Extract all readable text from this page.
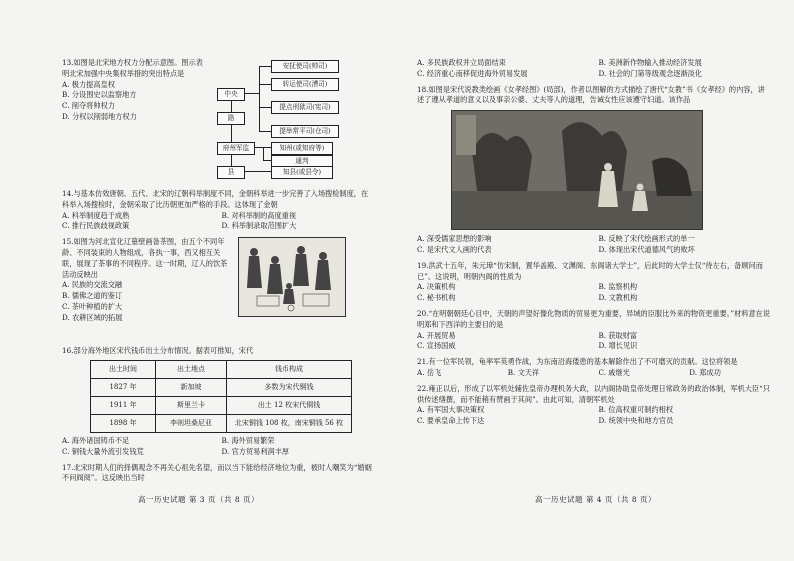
13.如图是北宋地方权力分配示意图。图示表明北宋加强中央集权举措的突出特点是

A. 极力提高皇权
B. 分设围史以监察地方
C. 削夺将帅权力
D. 分权以削弱地方权力
中央
路
府州军监
县
安抚使司(帅司)
转运使司(漕司)
提点刑狱司(宪司)
提举常平司(仓司)
知州(或知府等)
通判
知县(或县令)

14.与基本仿效唐朝、五代、北宋的辽朝科举制度不同，金朝科举进一步完善了入场搜检制度，在科举入场搜检时，金朝采取了比历朝更加严格的手段。这体现了金朝

A. 科举制度趋于成熟	B. 对科举制的高度重视
C. 推行民族歧视政策	D. 科举制录取范围扩大

15.如图为河北宣化辽墓壁画备茶图，由五个不同年龄、不同装束的人物组成，各执一事，西又相互关联，展现了茶事的不同程序。这一时期，辽人的饮茶活动反映出

A. 民族的交流交融
B. 儒佛之道的鉴订
C. 茶叶种植的扩大
D. 农耕区域的拓展

16.部分海外地区宋代钱币出土分布情况。据表可推知，宋代

出土时间	出土地点	钱币构成
1827 年	新加坡	多数为宋代铜钱
1911 年	斯里兰卡	出土 12 枚宋代铜钱
1898 年	李则坦桑尼亚	北宋铜钱 108 枚，南宋铜钱 56 枚
A. 海外诸国铸币不足	B. 海外贸易繁荣
C. 铜钱大量外流引发钱荒	D. 官方贸易利润丰厚

17.北宋时期人们的择偶观念不再关心祖先名望，而以当下能给经济地位为重，被时人嘲笑为“婚姻不问阀阅”。这反映出当时

高一历史试题 第 3 页（共 8 页）
A. 多民族政权并立局面结束	B. 美洲新作物输入推动经济发展
C. 经济重心南移促进海外贸易发展	D. 社会的门第等级观念逐渐淡化

18.如图是宋代说教类绘画《女孝经图》(局部)，作者以图解的方式描绘了唐代“女教”书《女孝经》的内容，讲述了遵从孝道的意义以及事亲公婆、丈夫等人的道理，告诫女性应该遵守妇道。该作品

A. 深受儒家思想的影响	B. 反映了宋代绘画形式的单一
C. 是宋代文人画的代表	D. 体现出宋代道德风气的败坏

19.洪武十五年，朱元璋“仿宋制，置华盖殿、文渊阁、东阁诸大学士”，后此时的大学士仅“待左右，备顾问而已”。这说明，明朝内阁的性质为

A. 决策机构	B. 监察机构
C. 秘书机构	D. 文教机构

20.“在明朝朝廷心目中，天朝的声望好像化物质的贸易更为重要，异域的臣服比外来的物资更重要。”材料意在说明郑和下西洋的主要目的是

A. 开展贸易	B. 获取财富
C. 宣扬国威	D. 增长见识

21.有一位军民领，龟率军英勇作战，为东南沿海倭患的基本解除作出了不可磨灭的贡献。这位将领是

A. 岳飞	B. 文天祥	C. 戚继光	D. 郑成功

22.雍正以后，形成了以军机处辅佐皇帝办理机务大政，以内阁协助皇帝处理日常政务的政治体制，军机大臣“只供传述缮撰，而不能稍有赞画于其间”。由此可知，清朝军机处

A. 有军国大事决策权	B. 位高权重可制约相权
C. 要承皇命上传下达	D. 统领中央和地方官员
高一历史试题 第 4 页（共 8 页）
